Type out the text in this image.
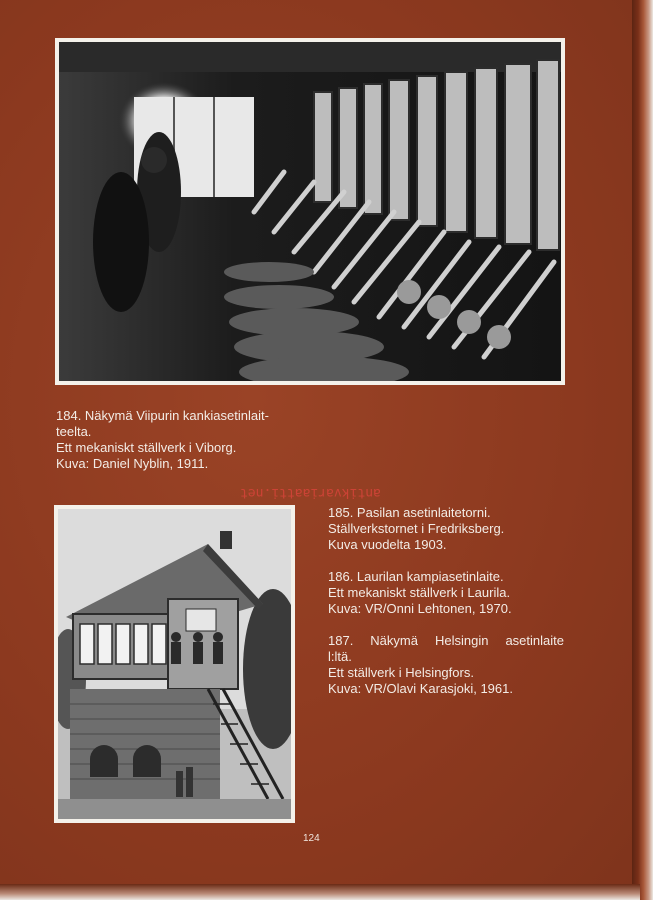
184. Näkymä Viipurin kankiasetinlait-
teelta.
Ett mekaniskt ställverk i Viborg.
Kuva: Daniel Nyblin, 1911.
antikvariaatti.net
185. Pasilan asetinlaitetorni.
Ställverkstornet i Fredriksberg.
Kuva vuodelta 1903.
186. Laurilan kampiasetinlaite.
Ett mekaniskt ställverk i Laurila.
Kuva: VR/Onni Lehtonen, 1970.
187. Näkymä Helsingin asetinlaite
l:ltä.
Ett ställverk i Helsingfors.
Kuva: VR/Olavi Karasjoki, 1961.
124
